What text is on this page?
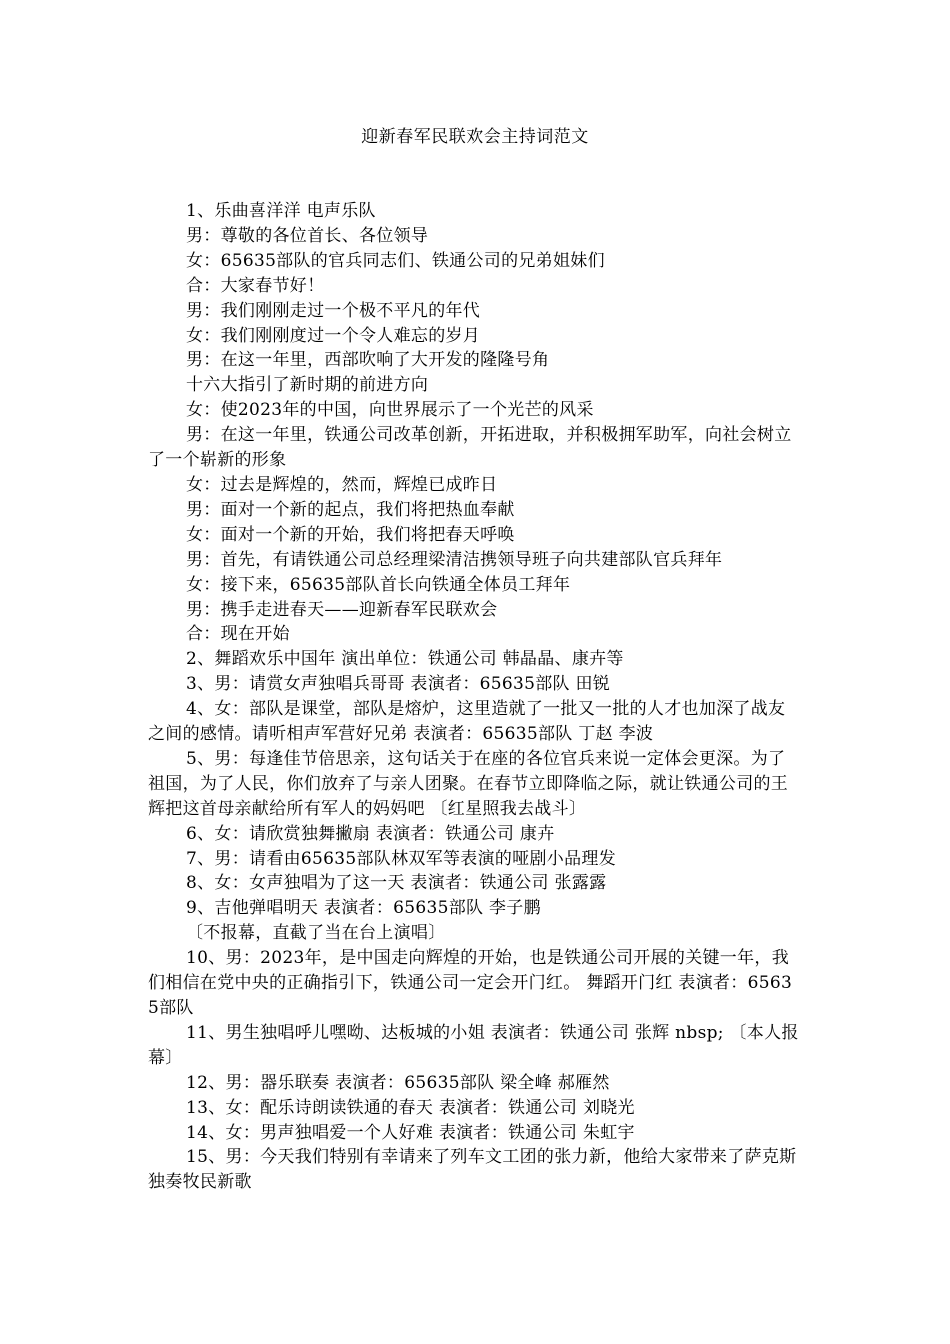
迎新春军民联欢会主持词范文

1、乐曲喜洋洋 电声乐队

男：尊敬的各位首长、各位领导

女：65635部队的官兵同志们、铁通公司的兄弟姐妹们

合：大家春节好！

男：我们刚刚走过一个极不平凡的年代

女：我们刚刚度过一个令人难忘的岁月

男：在这一年里，西部吹响了大开发的隆隆号角

十六大指引了新时期的前进方向

女：使2023年的中国，向世界展示了一个光芒的风采

男：在这一年里，铁通公司改革创新，开拓进取，并积极拥军助军，向社会树立了一个崭新的形象

女：过去是辉煌的，然而，辉煌已成昨日

男：面对一个新的起点，我们将把热血奉献

女：面对一个新的开始，我们将把春天呼唤

男：首先，有请铁通公司总经理梁清洁携领导班子向共建部队官兵拜年

女：接下来，65635部队首长向铁通全体员工拜年

男：携手走进春天——迎新春军民联欢会

合：现在开始

2、舞蹈欢乐中国年 演出单位：铁通公司 韩晶晶、康卉等

3、男：请赏女声独唱兵哥哥 表演者：65635部队 田锐

4、女：部队是课堂，部队是熔炉，这里造就了一批又一批的人才也加深了战友之间的感情。请听相声军营好兄弟 表演者：65635部队 丁赵 李波

5、男：每逢佳节倍思亲，这句话关于在座的各位官兵来说一定体会更深。为了祖国，为了人民，你们放弃了与亲人团聚。在春节立即降临之际，就让铁通公司的王辉把这首母亲献给所有军人的妈妈吧 〔红星照我去战斗〕

6、女：请欣赏独舞撇扇 表演者：铁通公司 康卉

7、男：请看由65635部队林双军等表演的哑剧小品理发

8、女：女声独唱为了这一天 表演者：铁通公司 张露露

9、吉他弹唱明天 表演者：65635部队 李子鹏

〔不报幕，直截了当在台上演唱〕

10、男：2023年，是中国走向辉煌的开始，也是铁通公司开展的关键一年，我们相信在党中央的正确指引下，铁通公司一定会开门红。 舞蹈开门红 表演者：65635部队

11、男生独唱呼儿嘿呦、达板城的小姐 表演者：铁通公司 张辉 nbsp; 〔本人报幕〕

12、男：器乐联奏 表演者：65635部队 梁全峰 郝雁然

13、女：配乐诗朗读铁通的春天 表演者：铁通公司 刘晓光

14、女：男声独唱爱一个人好难 表演者：铁通公司 朱虹宇

15、男：今天我们特别有幸请来了列车文工团的张力新，他给大家带来了萨克斯独奏牧民新歌
